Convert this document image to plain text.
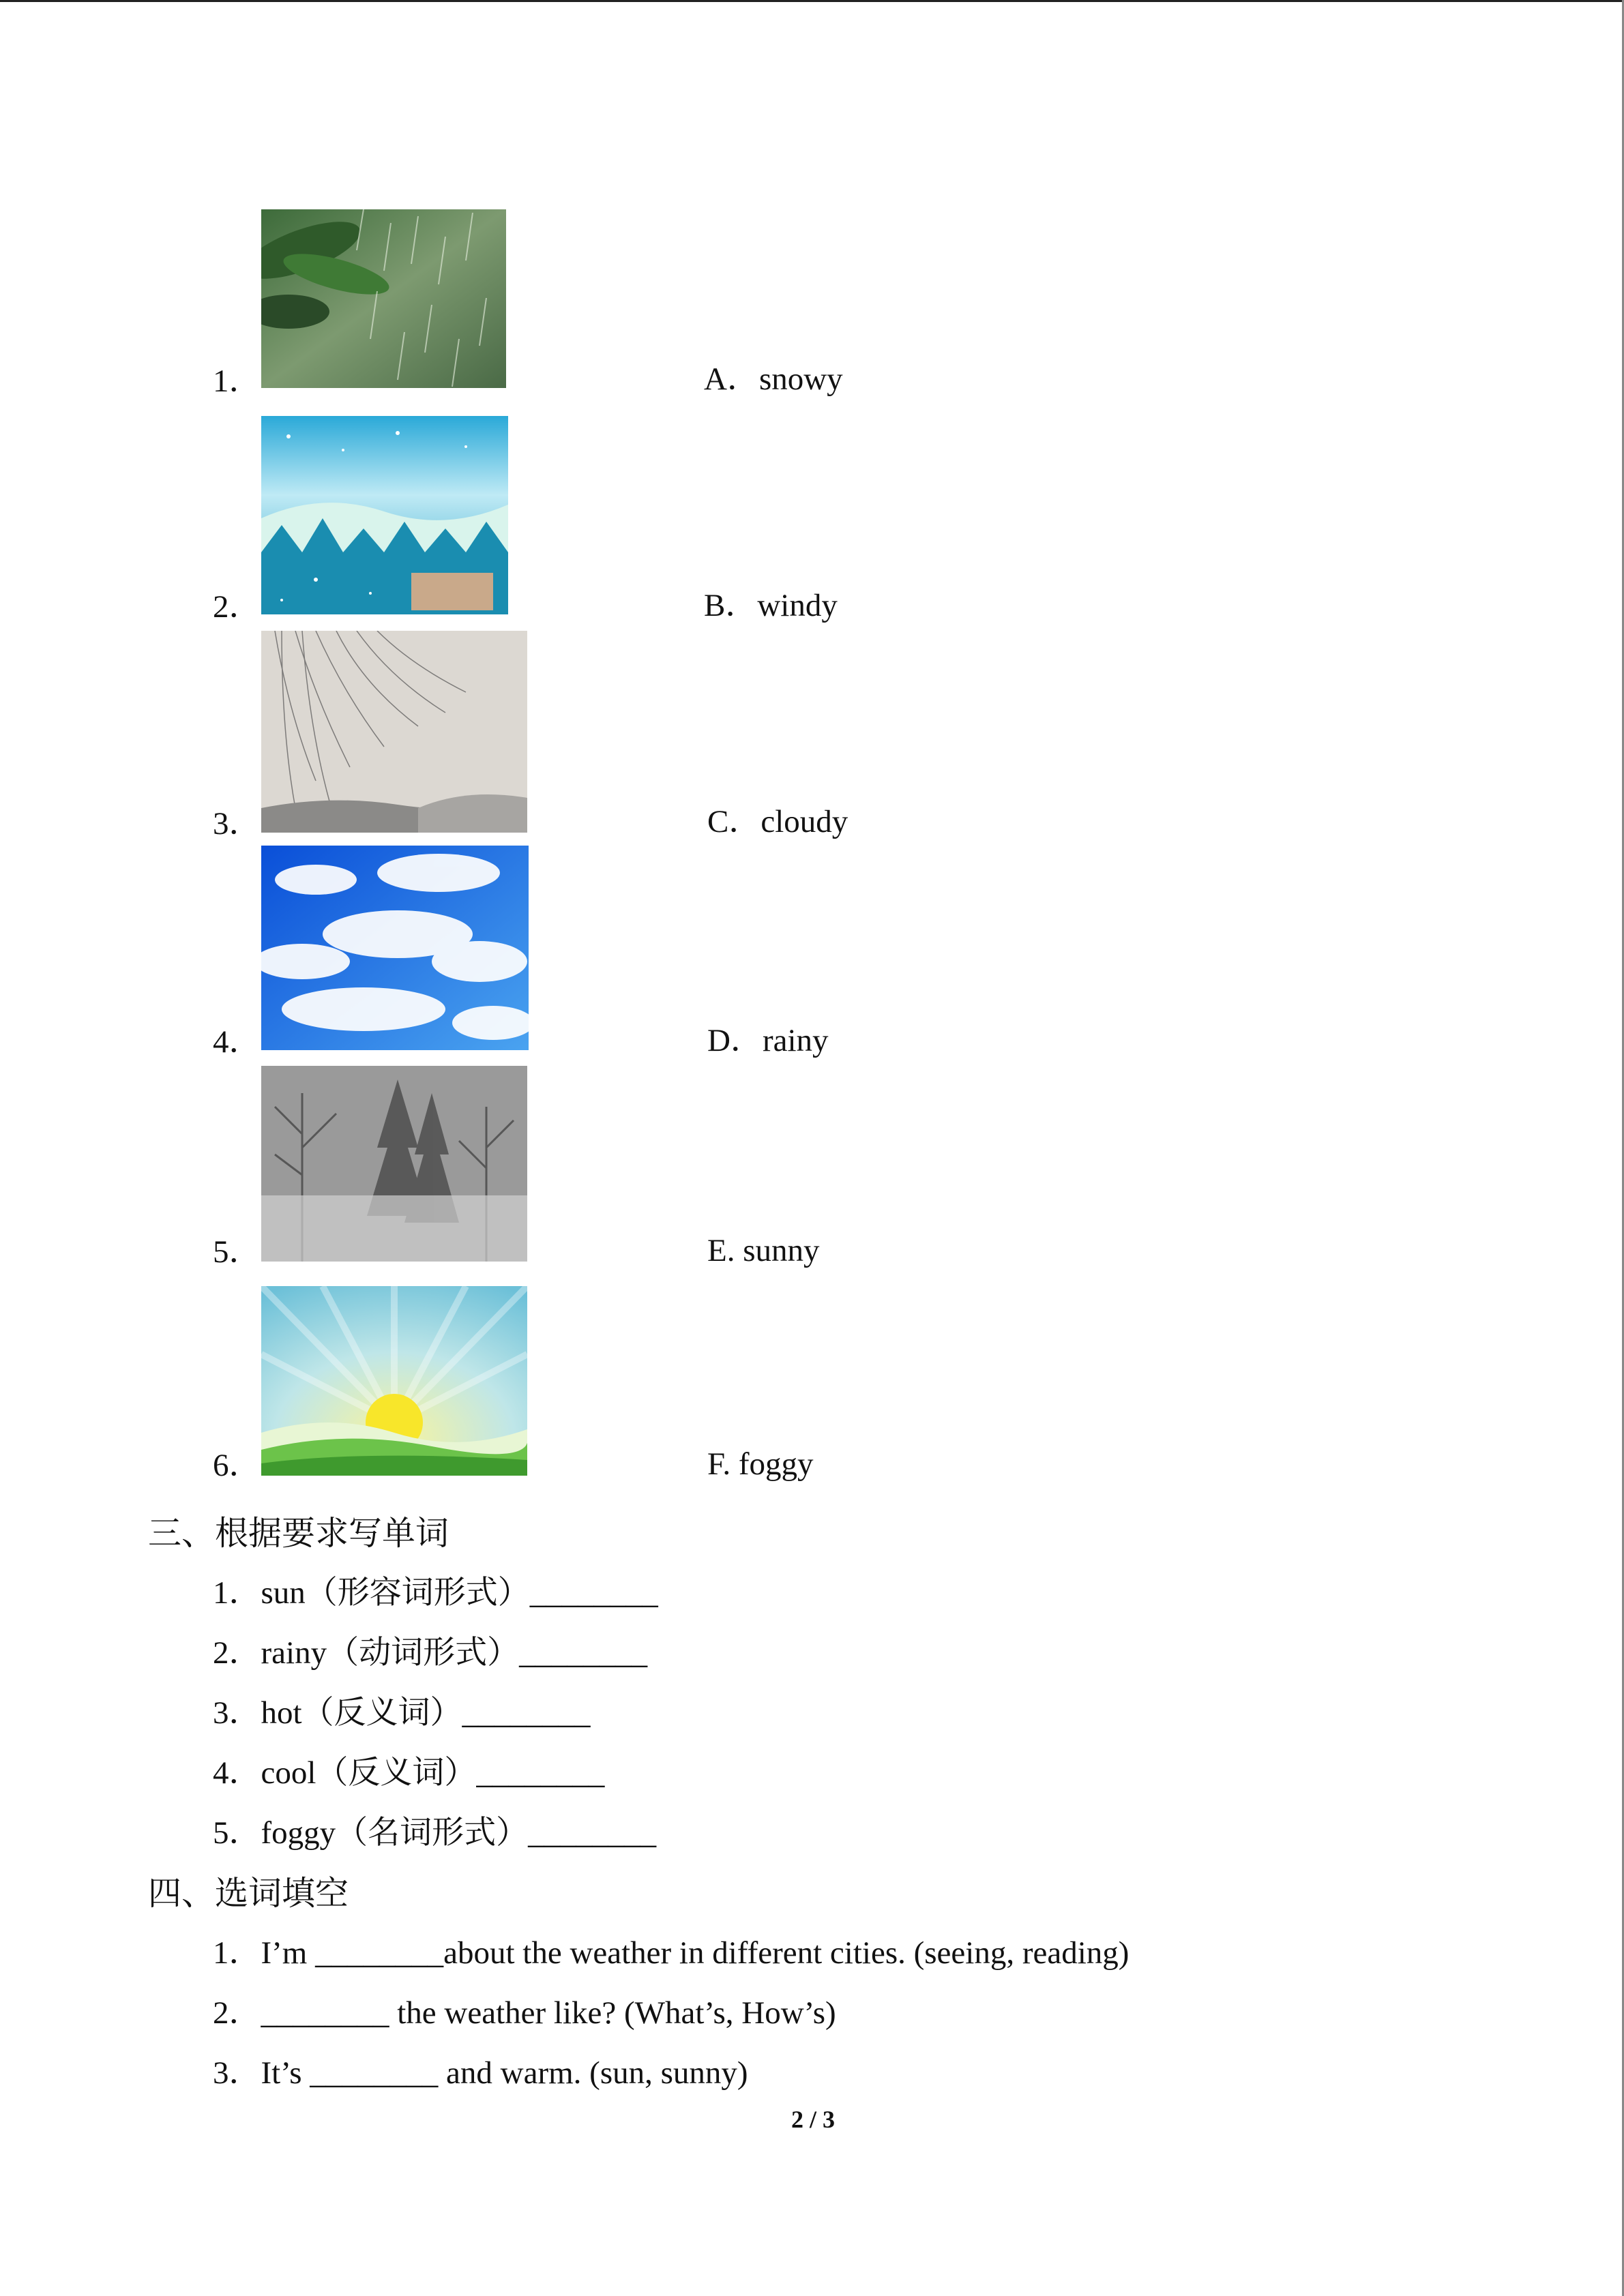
1．	A．snowy
2．	B．windy
3．	C．cloudy
4．	D．rainy
5．	E. sunny
6．	F. foggy
三、根据要求写单词
1．sun（形容词形式）________
2．rainy（动词形式）________
3．hot（反义词）________
4．cool（反义词）________
5．foggy（名词形式）________
四、选词填空
1．I’m ________about the weather in different cities. (seeing, reading)
2．________ the weather like? (What’s, How’s)
3．It’s ________ and warm. (sun, sunny)
2 / 3
